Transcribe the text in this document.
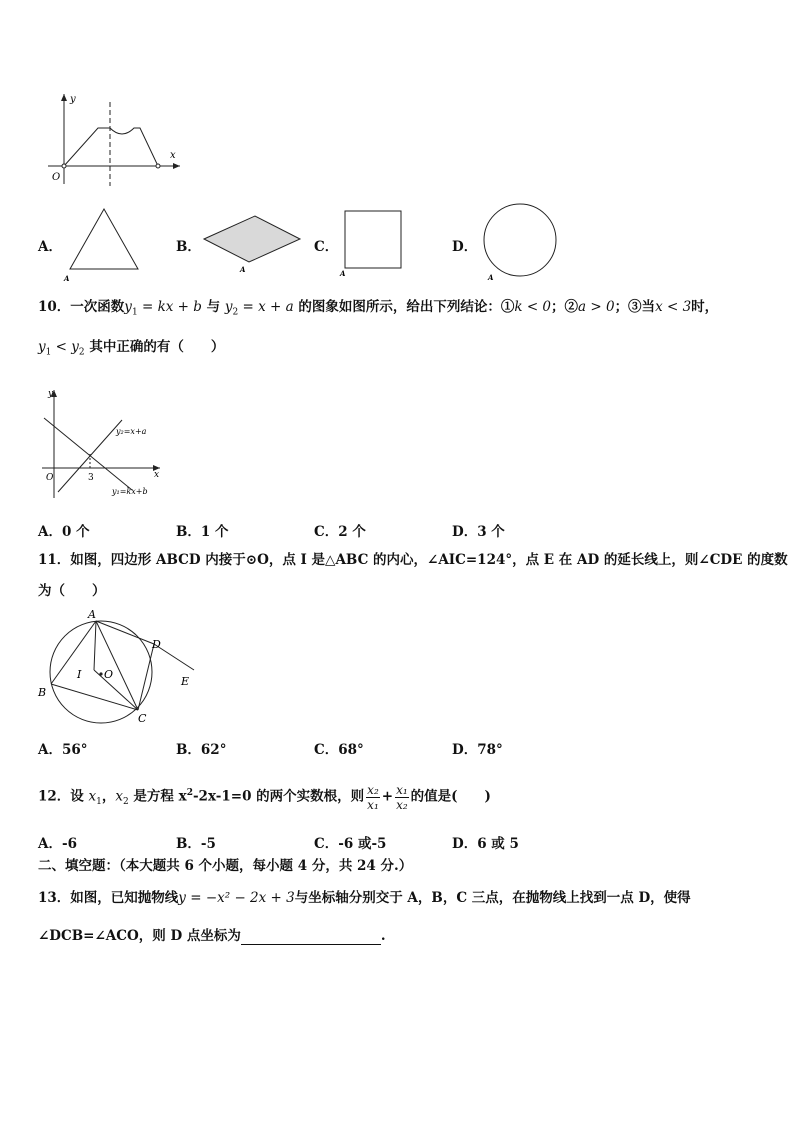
y
x
O
A．
A
B．
A
C．
A
D．
A
10．一次函数$y_1$ = kx + b 与 $y_2 = x + a$ 的图象如图所示，给出下列结论：①k < 0；②a > 0；③当x < 3时，
$y_1 < y_2$ 其中正确的有（　　）
y
x
O	3
y₂=x+a
y₁=kx+b
A．0 个	B．1 个	C．2 个	D．3 个
11．如图，四边形 ABCD 内接于⊙O，点 I 是△ABC 的内心，∠AIC=124°，点 E 在 AD 的延长线上，则∠CDE 的度数
为（　　）
A
B
C
D
E
I O
A．56°	B．62°	C．68°	D．78°
12．设 $x_1$，$x_2$ 是方程 $x^2-2x-1=0$ 的两个实数根，则 $\frac{\text{x₂}}{\text{x₁}} + \frac{\text{x₁}}{\text{x₂}}$ 的值是(　　)
A．-6	B．-5	C．-6 或-5	D．6 或 5
二、填空题：（本大题共 6 个小题，每小题 4 分，共 24 分.）
13．如图，已知抛物线y = −x² − 2x + 3与坐标轴分别交于 A，B，C 三点，在抛物线上找到一点 D，使得
∠DCB=∠ACO，则 D 点坐标为	.
